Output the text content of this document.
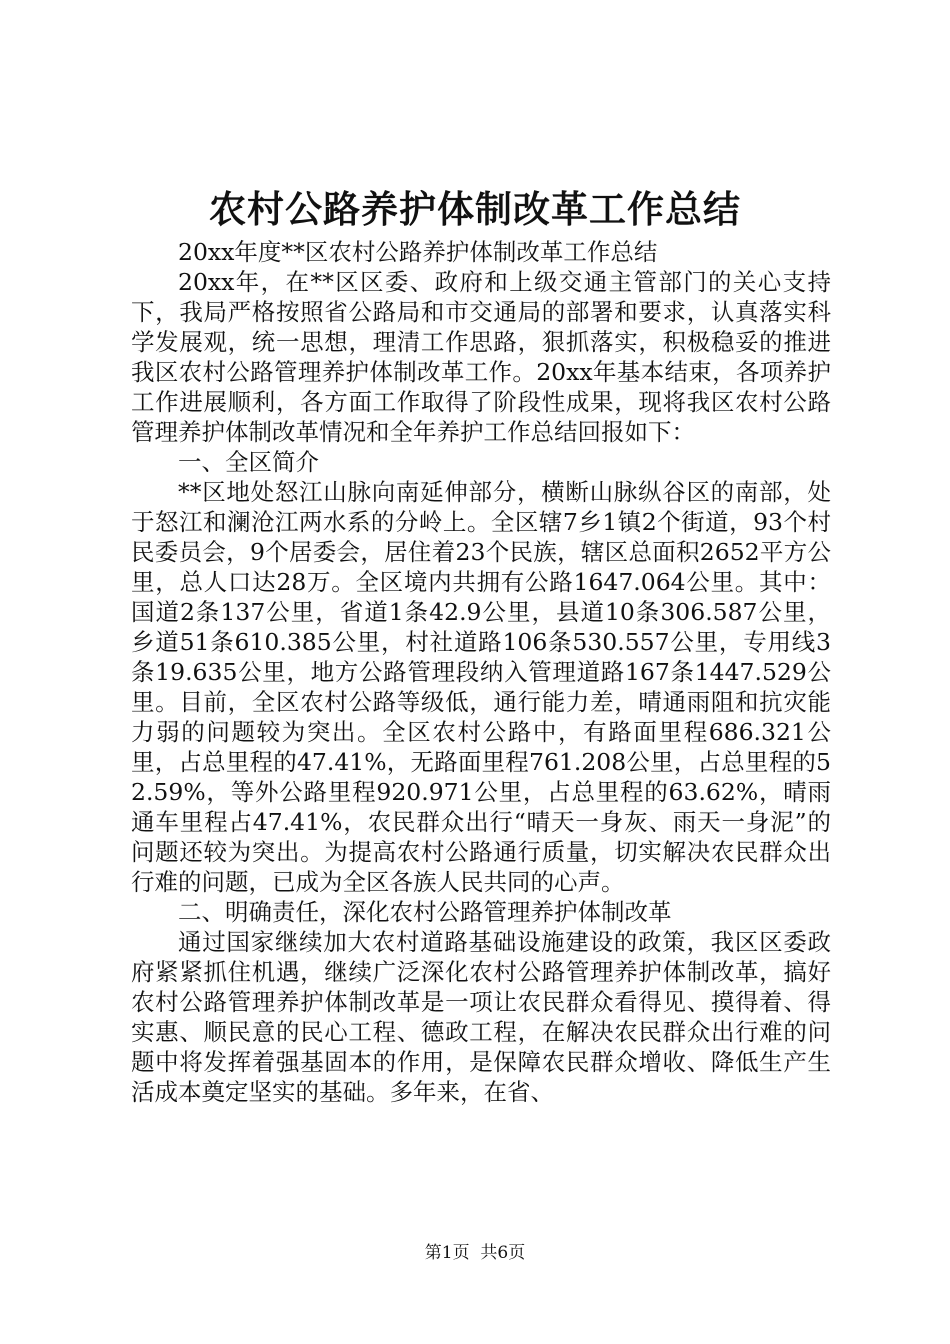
农村公路养护体制改革工作总结

20xx年度**区农村公路养护体制改革工作总结

20xx年，在**区区委、政府和上级交通主管部门的关心支持下，我局严格按照省公路局和市交通局的部署和要求，认真落实科学发展观，统一思想，理清工作思路，狠抓落实，积极稳妥的推进我区农村公路管理养护体制改革工作。20xx年基本结束，各项养护工作进展顺利，各方面工作取得了阶段性成果，现将我区农村公路管理养护体制改革情况和全年养护工作总结回报如下：

一、全区简介

**区地处怒江山脉向南延伸部分，横断山脉纵谷区的南部，处于怒江和澜沧江两水系的分岭上。全区辖7乡1镇2个街道，93个村民委员会，9个居委会，居住着23个民族，辖区总面积2652平方公里，总人口达28万。全区境内共拥有公路1647.064公里。其中：国道2条137公里，省道1条42.9公里，县道10条306.587公里，乡道51条610.385公里，村社道路106条530.557公里，专用线3条19.635公里，地方公路管理段纳入管理道路167条1447.529公里。目前，全区农村公路等级低，通行能力差，晴通雨阻和抗灾能力弱的问题较为突出。全区农村公路中，有路面里程686.321公里，占总里程的47.41%，无路面里程761.208公里，占总里程的52.59%，等外公路里程920.971公里，占总里程的63.62%，晴雨通车里程占47.41%，农民群众出行“晴天一身灰、雨天一身泥”的问题还较为突出。为提高农村公路通行质量，切实解决农民群众出行难的问题，已成为全区各族人民共同的心声。

二、明确责任，深化农村公路管理养护体制改革

通过国家继续加大农村道路基础设施建设的政策，我区区委政府紧紧抓住机遇，继续广泛深化农村公路管理养护体制改革，搞好农村公路管理养护体制改革是一项让农民群众看得见、摸得着、得实惠、顺民意的民心工程、德政工程，在解决农民群众出行难的问题中将发挥着强基固本的作用，是保障农民群众增收、降低生产生活成本奠定坚实的基础。多年来，在省、

第1页  共6页
